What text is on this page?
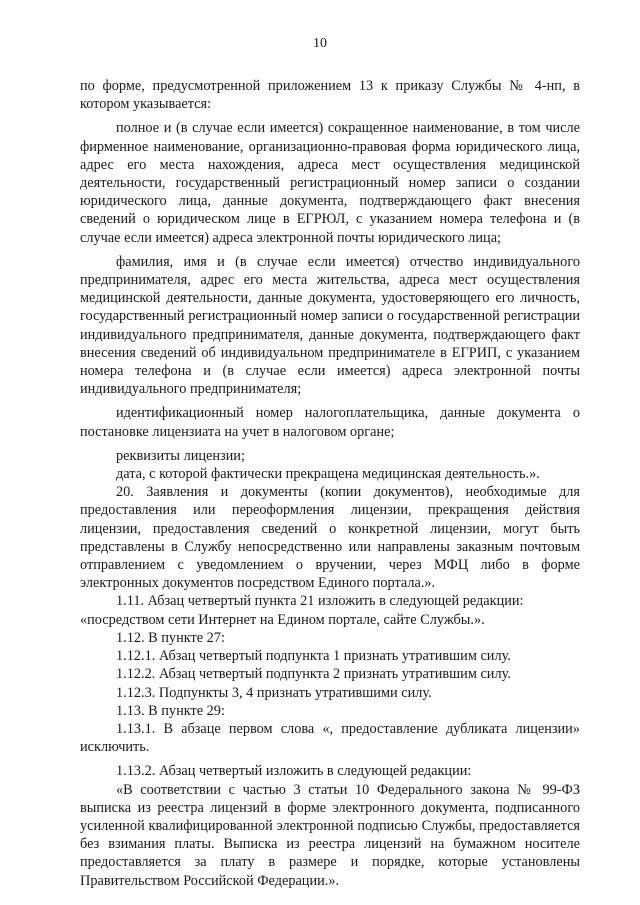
10

по форме, предусмотренной приложением 13 к приказу Службы № 4-нп, в котором указывается:

полное и (в случае если имеется) сокращенное наименование, в том числе фирменное наименование, организационно-правовая форма юридического лица, адрес его места нахождения, адреса мест осуществления медицинской деятельности, государственный регистрационный номер записи о создании юридического лица, данные документа, подтверждающего факт внесения сведений о юридическом лице в ЕГРЮЛ, с указанием номера телефона и (в случае если имеется) адреса электронной почты юридического лица;

фамилия, имя и (в случае если имеется) отчество индивидуального предпринимателя, адрес его места жительства, адреса мест осуществления медицинской деятельности, данные документа, удостоверяющего его личность, государственный регистрационный номер записи о государственной регистрации индивидуального предпринимателя, данные документа, подтверждающего факт внесения сведений об индивидуальном предпринимателе в ЕГРИП, с указанием номера телефона и (в случае если имеется) адреса электронной почты индивидуального предпринимателя;

идентификационный номер налогоплательщика, данные документа о постановке лицензиата на учет в налоговом органе;

реквизиты лицензии;

дата, с которой фактически прекращена медицинская деятельность.».

20. Заявления и документы (копии документов), необходимые для предоставления или переоформления лицензии, прекращения действия лицензии, предоставления сведений о конкретной лицензии, могут быть представлены в Службу непосредственно или направлены заказным почтовым отправлением с уведомлением о вручении, через МФЦ либо в форме электронных документов посредством Единого портала.».

1.11. Абзац четвертый пункта 21 изложить в следующей редакции:

«посредством сети Интернет на Едином портале, сайте Службы.».

1.12. В пункте 27:

1.12.1. Абзац четвертый подпункта 1 признать утратившим силу.

1.12.2. Абзац четвертый подпункта 2 признать утратившим силу.

1.12.3. Подпункты 3, 4 признать утратившими силу.

1.13. В пункте 29:

1.13.1. В абзаце первом слова «, предоставление дубликата лицензии» исключить.

1.13.2. Абзац четвертый изложить в следующей редакции:

«В соответствии с частью 3 статьи 10 Федерального закона № 99-ФЗ выписка из реестра лицензий в форме электронного документа, подписанного усиленной квалифицированной электронной подписью Службы, предоставляется без взимания платы. Выписка из реестра лицензий на бумажном носителе предоставляется за плату в размере и порядке, которые установлены Правительством Российской Федерации.».
